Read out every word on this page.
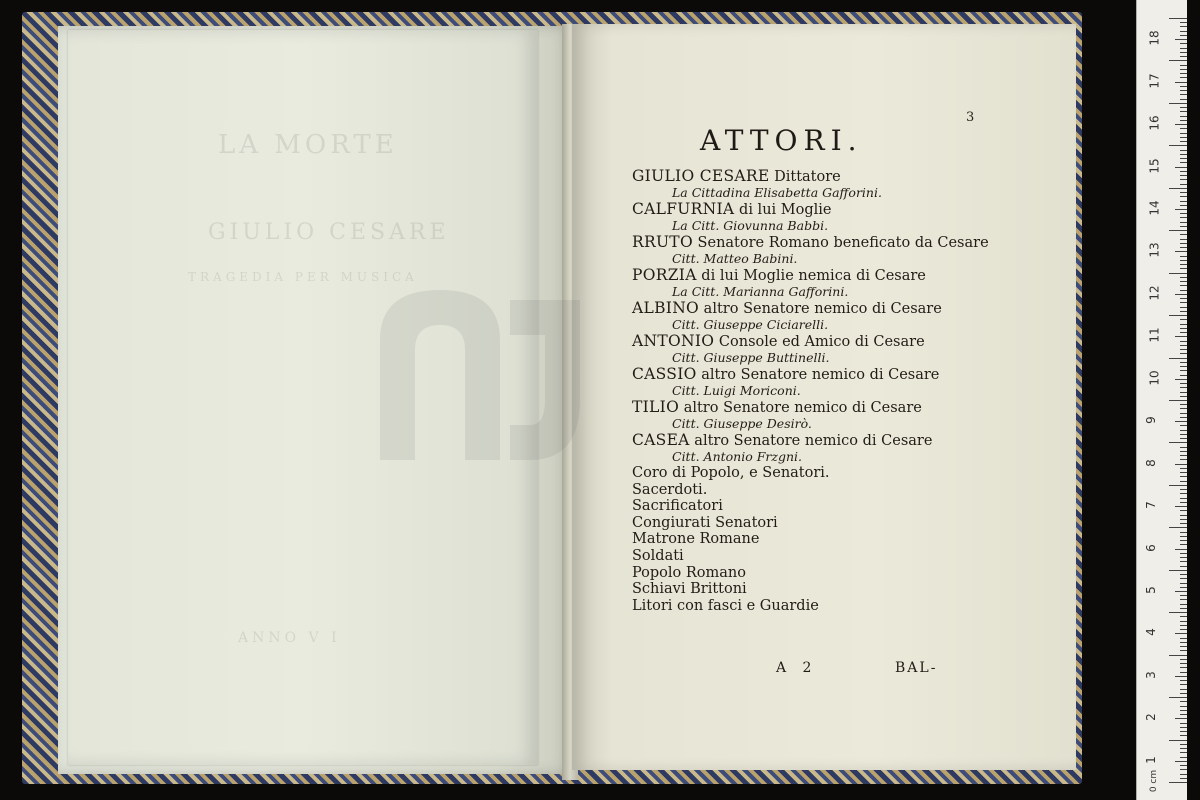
LA MORTE
GIULIO CESARE
TRAGEDIA PER MUSICA
ANNO V I
3
ATTORI.
GIULIO CESARE Dittatore
La Cittadina Elisabetta Gafforini.
CALFURNIA di lui Moglie
La Citt. Giovunna Babbi.
RRUTO Senatore Romano beneficato da Cesare
Citt. Matteo Babini.
PORZIA di lui Moglie nemica di Cesare
La Citt. Marianna Gafforini.
ALBINO altro Senatore nemico di Cesare
Citt. Giuseppe Ciciarelli.
ANTONIO Console ed Amico di Cesare
Citt. Giuseppe Buttinelli.
CASSIO altro Senatore nemico di Cesare
Citt. Luigi Moriconi.
TILIO altro Senatore nemico di Cesare
Citt. Giuseppe Desirò.
CASEA altro Senatore nemico di Cesare
Citt. Antonio Frzgni.
Coro di Popolo, e Senatori.
Sacerdoti.
Sacrificatori
Congiurati Senatori
Matrone Romane
Soldati
Popolo Romano
Schiavi Brittoni
Litori con fasci e Guardie
A 2	BAL-
18
17
16
15
14
13
12
11
10
9
8
7
6
5
4
3
2
1
0 cm
